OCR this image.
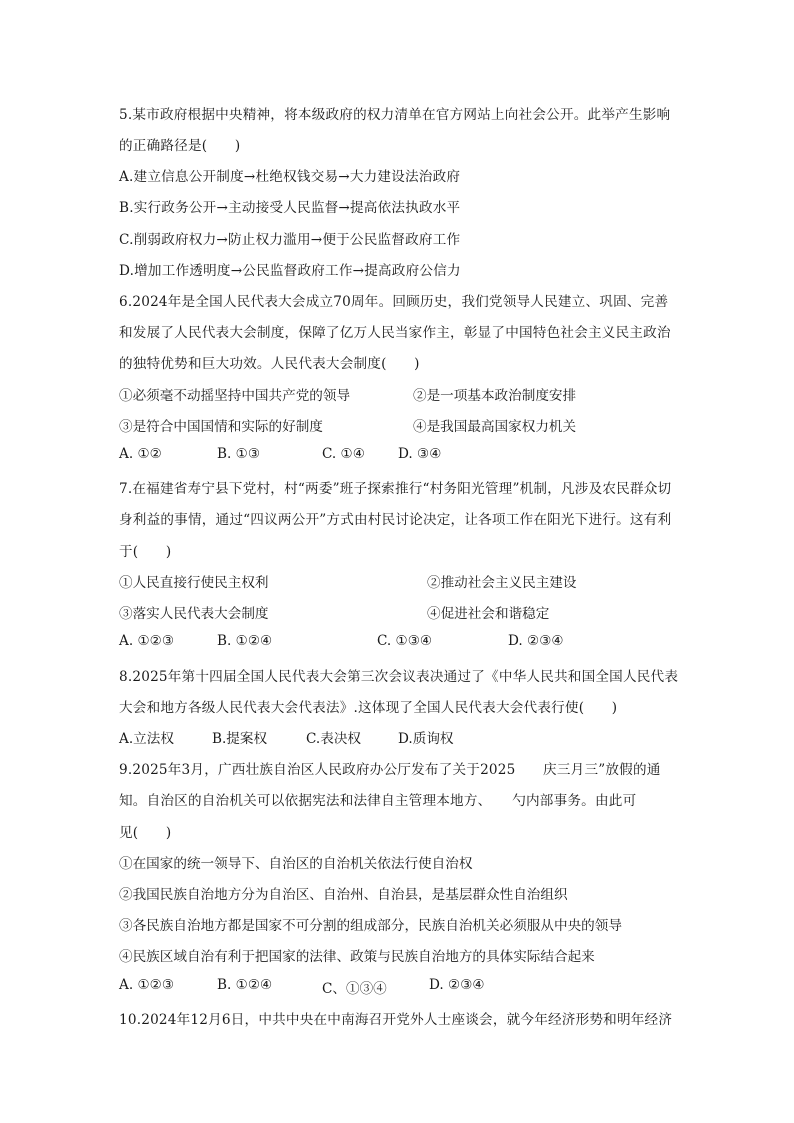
5.某市政府根据中央精神，将本级政府的权力清单在官方网站上向社会公开。此举产生影响
的正确路径是(　　)
A.建立信息公开制度→杜绝权钱交易→大力建设法治政府
B.实行政务公开→主动接受人民监督→提高依法执政水平
C.削弱政府权力→防止权力滥用→便于公民监督政府工作
D.增加工作透明度→公民监督政府工作→提高政府公信力
6.2024年是全国人民代表大会成立70周年。回顾历史，我们党领导人民建立、巩固、完善
和发展了人民代表大会制度，保障了亿万人民当家作主，彰显了中国特色社会主义民主政治
的独特优势和巨大功效。人民代表大会制度(　　)
①必须毫不动摇坚持中国共产党的领导	②是一项基本政治制度安排
③是符合中国国情和实际的好制度	④是我国最高国家权力机关
A. ①②	B. ①③	C. ①④ D. ③④
7.在福建省寿宁县下党村，村“两委”班子探索推行“村务阳光管理”机制，凡涉及农民群众切
身利益的事情，通过“四议两公开”方式由村民讨论决定，让各项工作在阳光下进行。这有利
于(　　)
①人民直接行使民主权利	②推动社会主义民主建设
③落实人民代表大会制度	④促进社会和谐稳定
A. ①②③	B. ①②④	C. ①③④	D. ②③④
8.2025年第十四届全国人民代表大会第三次会议表决通过了《中华人民共和国全国人民代表
大会和地方各级人民代表大会代表法》.这体现了全国人民代表大会代表行使(　　)
A.立法权	B.提案权	C.表决权	D.质询权
9.2025年3月，广西壮族自治区人民政府办公厅发布了关于2025　　庆三月三”放假的通
知。自治区的自治机关可以依据宪法和法律自主管理本地方、　　勺内部事务。由此可
见(　　)
①在国家的统一领导下、自治区的自治机关依法行使自治权
②我国民族自治地方分为自治区、自治州、自治县，是基层群众性自治组织
③各民族自治地方都是国家不可分割的组成部分，民族自治机关必须服从中央的领导
④民族区域自治有利于把国家的法律、政策与民族自治地方的具体实际结合起来
A. ①②③	B. ①②④	C、①③④	D. ②③④
10.2024年12月6日，中共中央在中南海召开党外人士座谈会，就今年经济形势和明年经济
